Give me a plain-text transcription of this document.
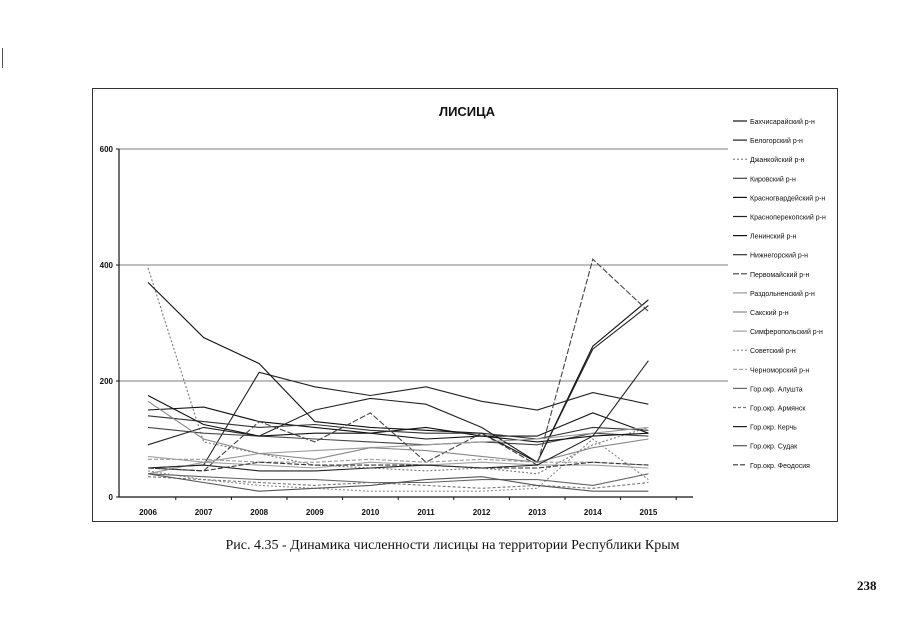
ЛИСИЦА
0
200
400
600
2006	2007	2008	2009	2010	2011	2012	2013	2014	2015
Бахчисарайский р-н
Белогорский р-н
Джанкойский р-н
Кировский р-н
Красногвардейский р-н
Красноперекопский р-н
Ленинский р-н
Нижнегорский р-н
Первомайский р-н
Раздольненский р-н
Сакский р-н
Симферопольский р-н
Советский р-н
Черноморский р-н
Гор.окр. Алушта
Гор.окр. Армянск
Гор.окр. Керчь
Гор.окр. Судак
Гор.окр. Феодосия
Рис. 4.35 - Динамика численности лисицы на территории Республики Крым
238
